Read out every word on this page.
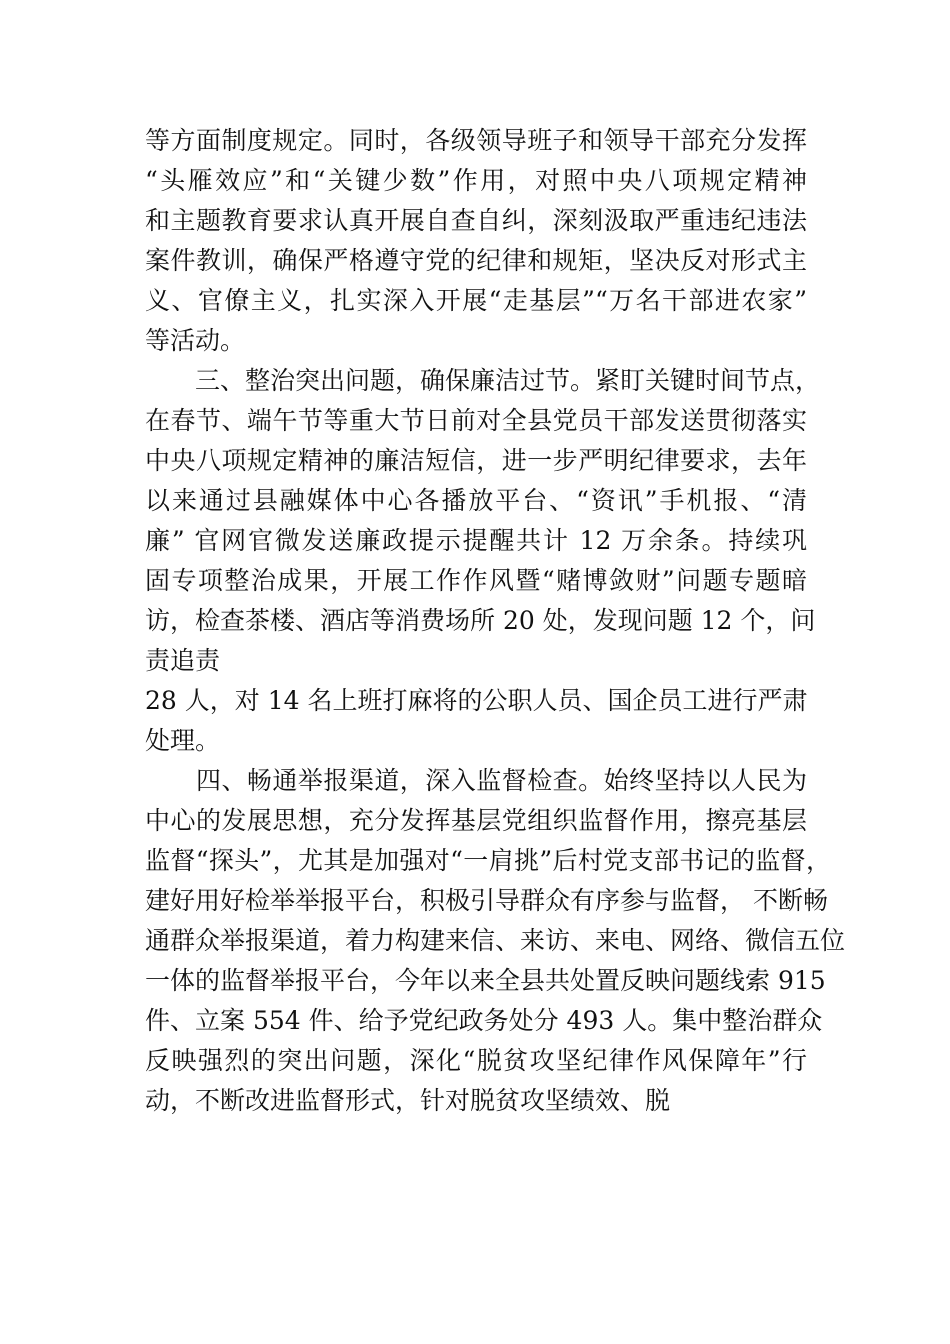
等方面制度规定。同时，各级领导班子和领导干部充分发挥
“头雁效应”和“关键少数”作用，对照中央八项规定精神
和主题教育要求认真开展自查自纠，深刻汲取严重违纪违法
案件教训，确保严格遵守党的纪律和规矩，坚决反对形式主
义、官僚主义，扎实深入开展“走基层”“万名干部进农家”
等活动。
　　三、整治突出问题，确保廉洁过节。紧盯关键时间节点，
在春节、端午节等重大节日前对全县党员干部发送贯彻落实
中央八项规定精神的廉洁短信，进一步严明纪律要求，去年
以来通过县融媒体中心各播放平台、“资讯”手机报、“清
廉” 官网官微发送廉政提示提醒共计 12 万余条。持续巩
固专项整治成果，开展工作作风暨“赌博敛财”问题专题暗
访，检查茶楼、酒店等消费场所 20 处，发现问题 12 个，问
责追责
28 人，对 14 名上班打麻将的公职人员、国企员工进行严肃
处理。
　　四、畅通举报渠道，深入监督检查。始终坚持以人民为
中心的发展思想，充分发挥基层党组织监督作用，擦亮基层
监督“探头”，尤其是加强对“一肩挑”后村党支部书记的监督，
建好用好检举举报平台，积极引导群众有序参与监督， 不断畅
通群众举报渠道，着力构建来信、来访、来电、网络、微信五位
一体的监督举报平台，今年以来全县共处置反映问题线索 915
件、立案 554 件、给予党纪政务处分 493 人。集中整治群众
反映强烈的突出问题，深化“脱贫攻坚纪律作风保障年”行
动，不断改进监督形式，针对脱贫攻坚绩效、脱
